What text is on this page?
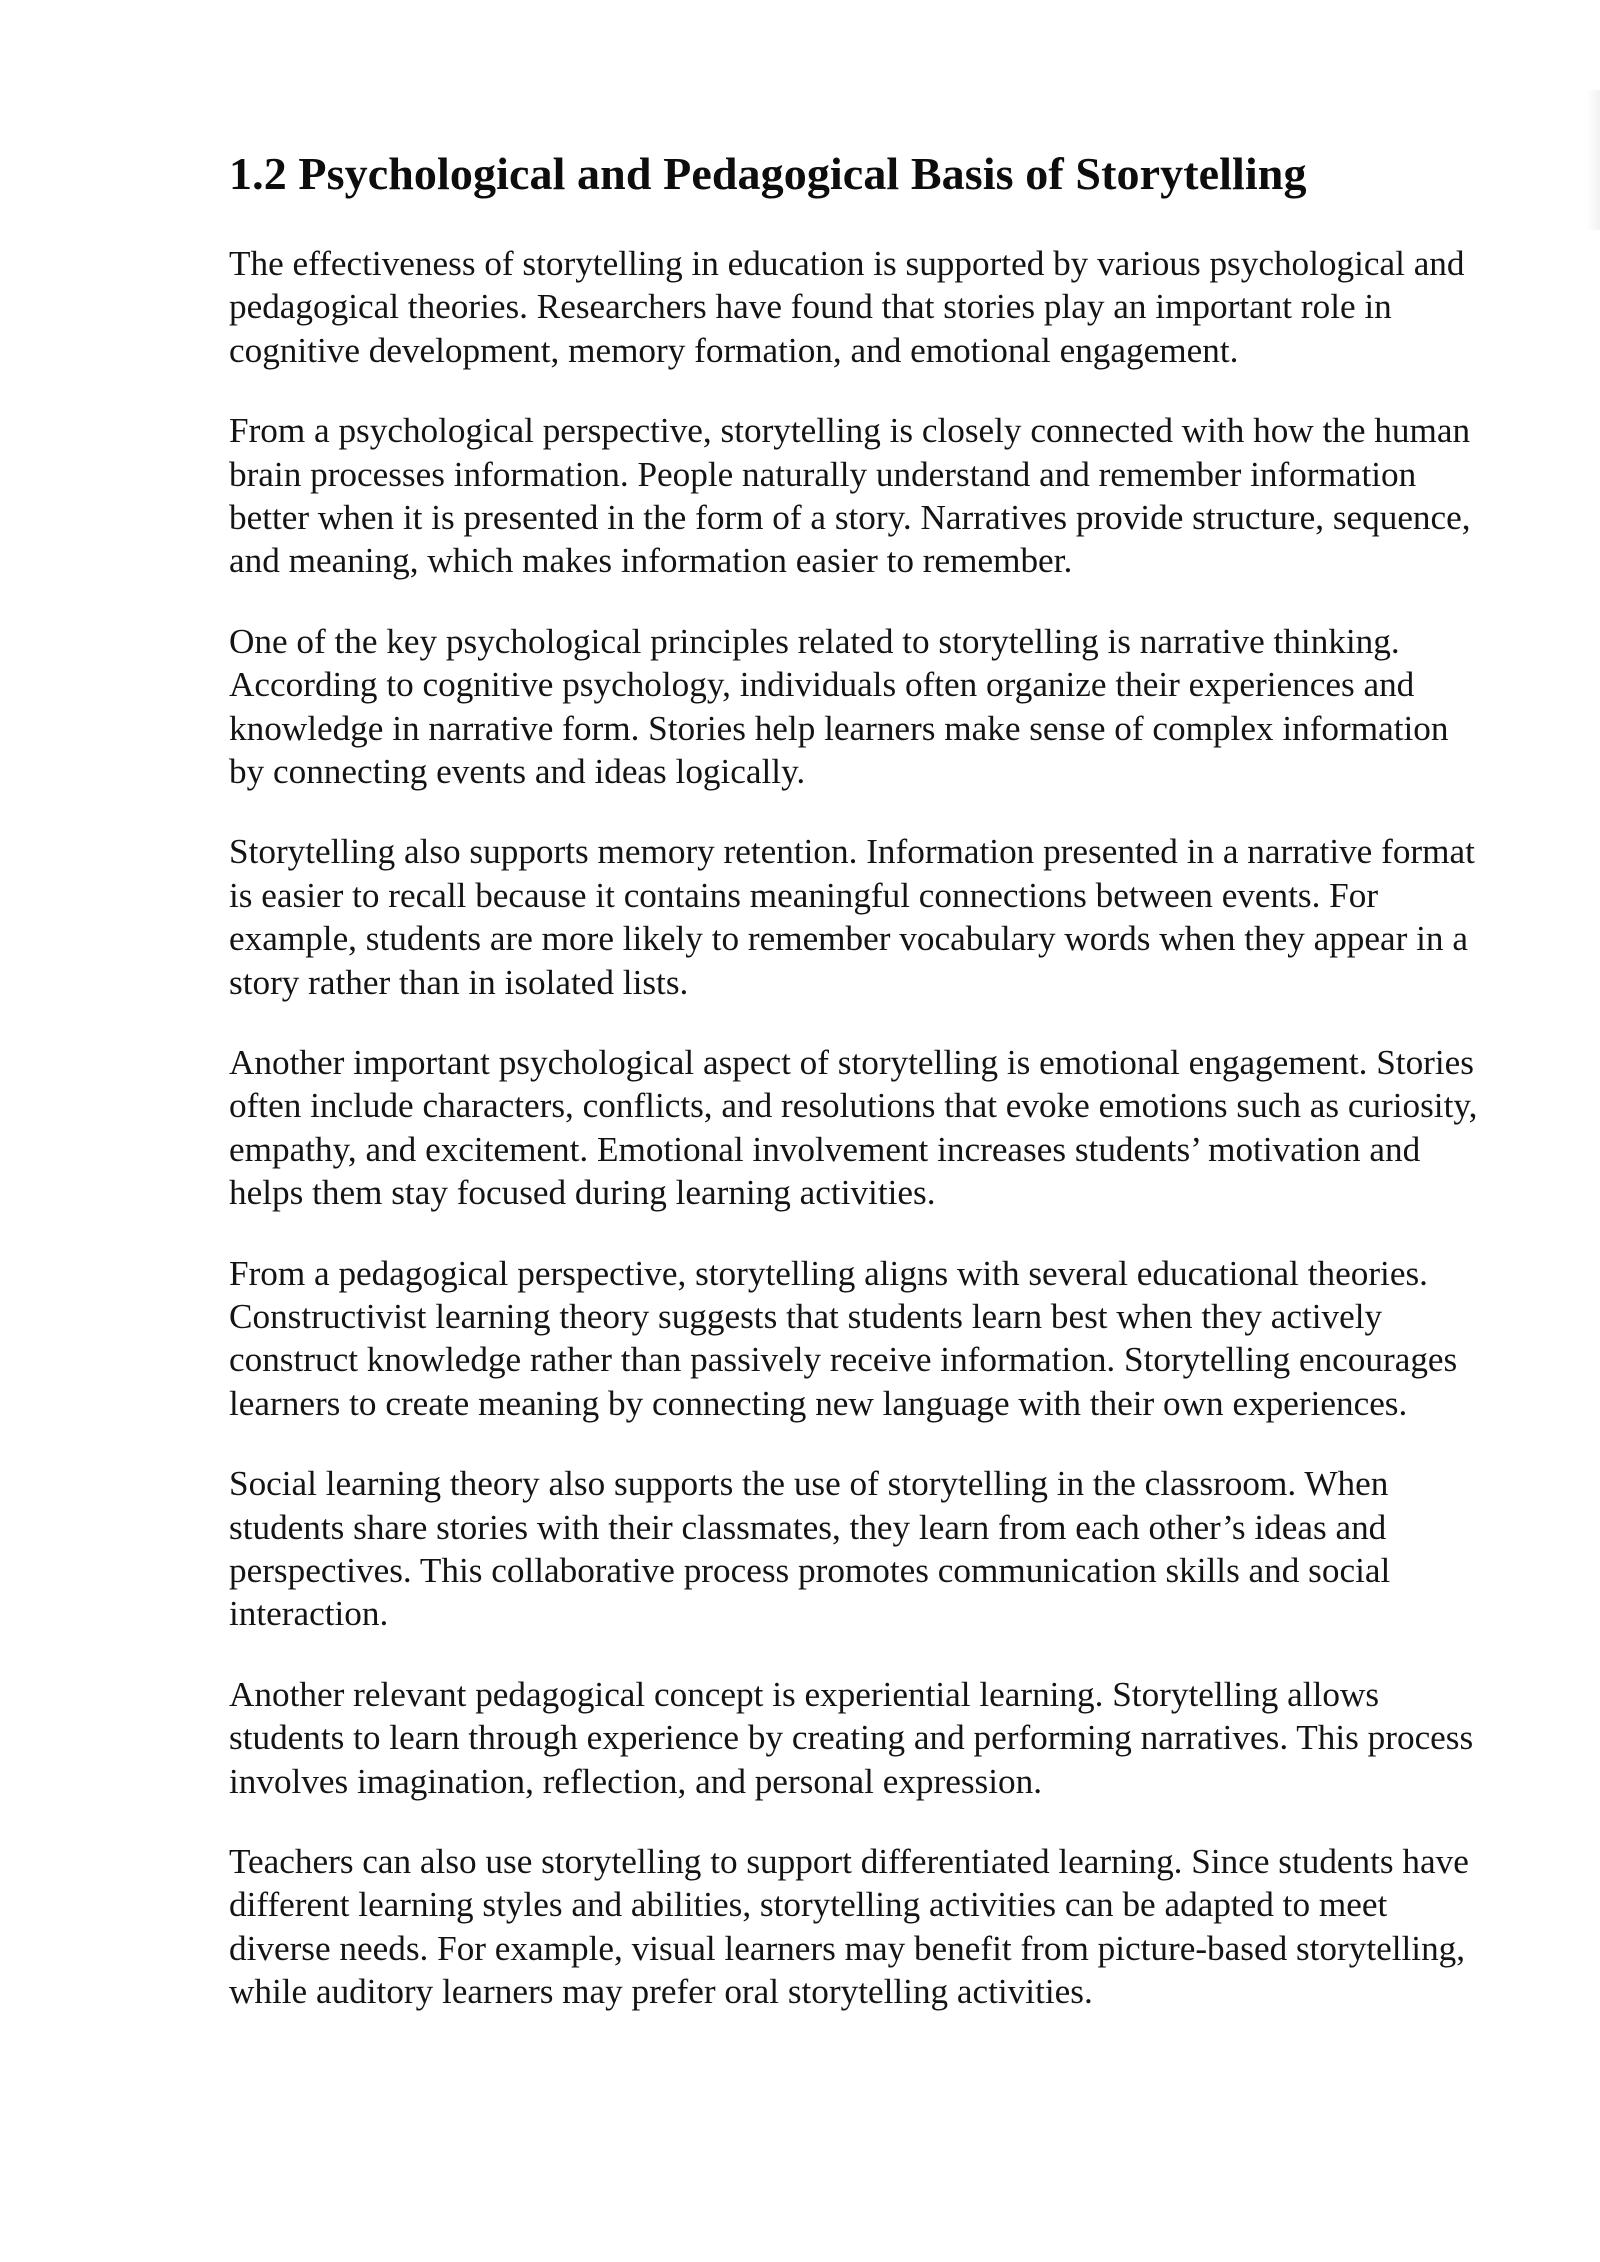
1.2 Psychological and Pedagogical Basis of Storytelling

The effectiveness of storytelling in education is supported by various psychological and pedagogical theories. Researchers have found that stories play an important role in cognitive development, memory formation, and emotional engagement.

From a psychological perspective, storytelling is closely connected with how the human brain processes information. People naturally understand and remember information better when it is presented in the form of a story. Narratives provide structure, sequence, and meaning, which makes information easier to remember.

One of the key psychological principles related to storytelling is narrative thinking. According to cognitive psychology, individuals often organize their experiences and knowledge in narrative form. Stories help learners make sense of complex information by connecting events and ideas logically.

Storytelling also supports memory retention. Information presented in a narrative format is easier to recall because it contains meaningful connections between events. For example, students are more likely to remember vocabulary words when they appear in a story rather than in isolated lists.

Another important psychological aspect of storytelling is emotional engagement. Stories often include characters, conflicts, and resolutions that evoke emotions such as curiosity, empathy, and excitement. Emotional involvement increases students’ motivation and helps them stay focused during learning activities.

From a pedagogical perspective, storytelling aligns with several educational theories. Constructivist learning theory suggests that students learn best when they actively construct knowledge rather than passively receive information. Storytelling encourages learners to create meaning by connecting new language with their own experiences.

Social learning theory also supports the use of storytelling in the classroom. When students share stories with their classmates, they learn from each other’s ideas and perspectives. This collaborative process promotes communication skills and social interaction.

Another relevant pedagogical concept is experiential learning. Storytelling allows students to learn through experience by creating and performing narratives. This process involves imagination, reflection, and personal expression.

Teachers can also use storytelling to support differentiated learning. Since students have different learning styles and abilities, storytelling activities can be adapted to meet diverse needs. For example, visual learners may benefit from picture-based storytelling, while auditory learners may prefer oral storytelling activities.
